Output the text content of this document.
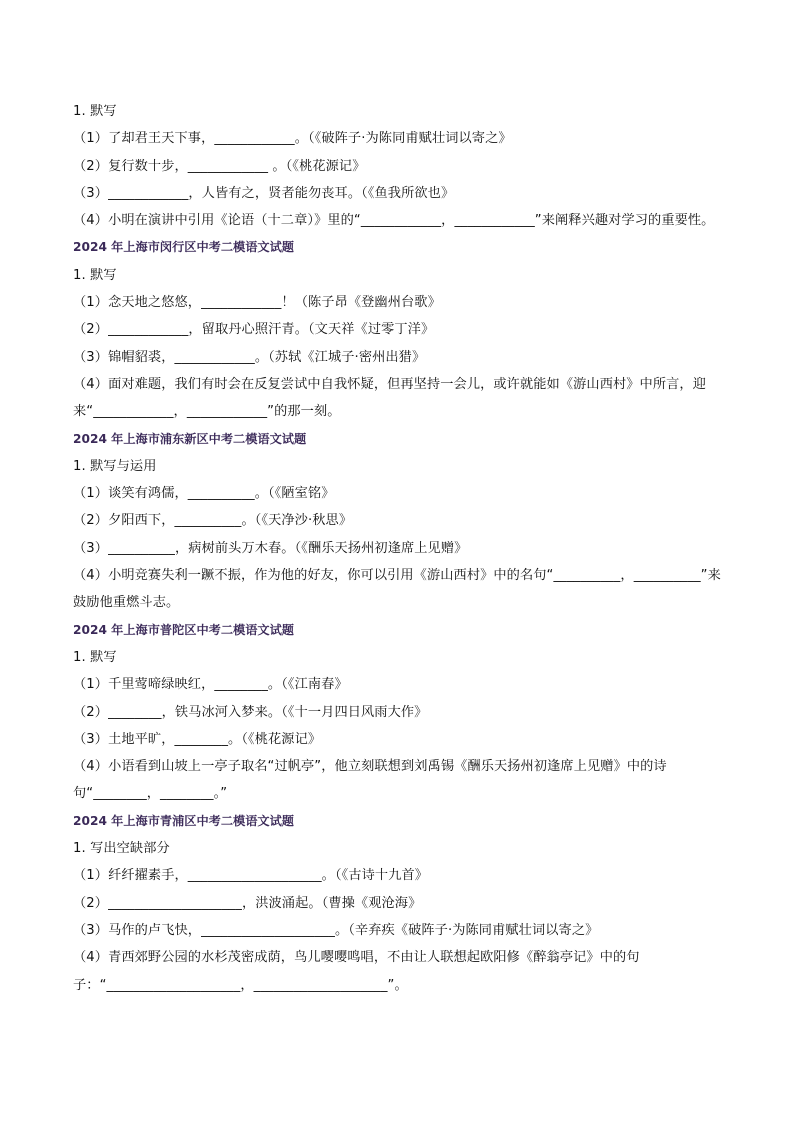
1. 默写
（1）了却君王天下事，____________。（《破阵子·为陈同甫赋壮词以寄之》
（2）复行数十步，____________ 。（《桃花源记》
（3）____________，人皆有之，贤者能勿丧耳。（《鱼我所欲也》
（4）小明在演讲中引用《论语（十二章）》里的“____________，____________”来阐释兴趣对学习的重要性。
2024 年上海市闵行区中考二模语文试题
1. 默写
（1）念天地之悠悠，____________！（陈子昂《登幽州台歌》
（2）____________，留取丹心照汗青。（文天祥《过零丁洋》
（3）锦帽貂裘，____________。（苏轼《江城子·密州出猎》
（4）面对难题，我们有时会在反复尝试中自我怀疑，但再坚持一会儿，或许就能如《游山西村》中所言，迎来“____________，____________”的那一刻。
2024 年上海市浦东新区中考二模语文试题
1. 默写与运用
（1）谈笑有鸿儒，__________。（《陋室铭》
（2）夕阳西下，__________。（《天净沙·秋思》
（3）__________，病树前头万木春。（《酬乐天扬州初逢席上见赠》
（4）小明竞赛失利一蹶不振，作为他的好友，你可以引用《游山西村》中的名句“__________，__________”来鼓励他重燃斗志。
2024 年上海市普陀区中考二模语文试题
1. 默写
（1）千里莺啼绿映红，________。（《江南春》
（2）________，铁马冰河入梦来。（《十一月四日风雨大作》
（3）土地平旷，________。（《桃花源记》
（4）小语看到山坡上一亭子取名“过帆亭”，他立刻联想到刘禹锡《酬乐天扬州初逢席上见赠》中的诗句“________，________。”
2024 年上海市青浦区中考二模语文试题
1. 写出空缺部分
（1）纤纤擢素手，____________________。（《古诗十九首》
（2）____________________，洪波涌起。（曹操《观沧海》
（3）马作的卢飞快，____________________。（辛弃疾《破阵子·为陈同甫赋壮词以寄之》
（4）青西郊野公园的水杉茂密成荫，鸟儿嘤嘤鸣唱，不由让人联想起欧阳修《醉翁亭记》中的句子：“____________________，____________________”。
